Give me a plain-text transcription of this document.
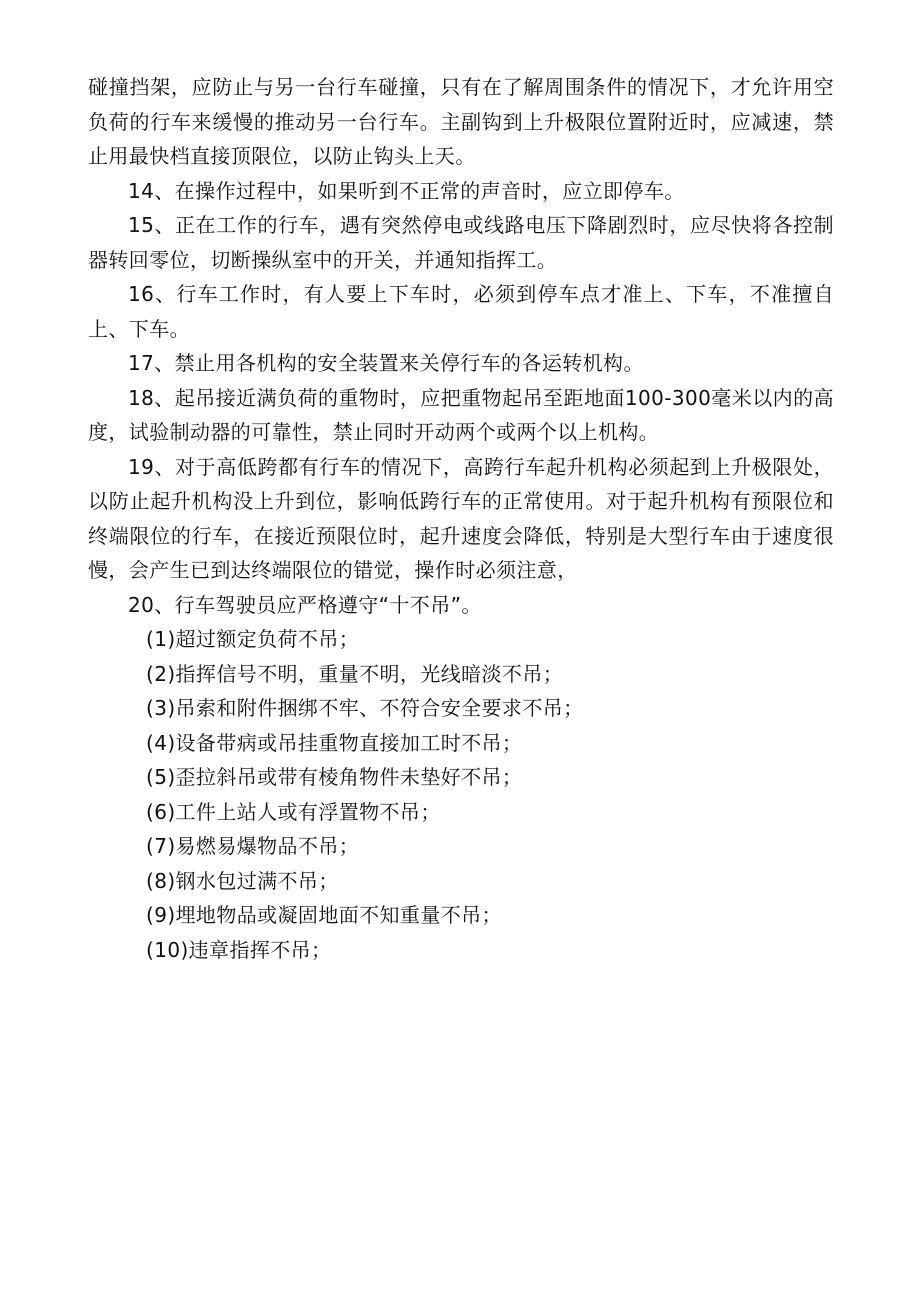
碰撞挡架，应防止与另一台行车碰撞，只有在了解周围条件的情况下，才允许用空负荷的行车来缓慢的推动另一台行车。主副钩到上升极限位置附近时，应减速，禁止用最快档直接顶限位，以防止钩头上天。

14、在操作过程中，如果听到不正常的声音时，应立即停车。

15、正在工作的行车，遇有突然停电或线路电压下降剧烈时，应尽快将各控制器转回零位，切断操纵室中的开关，并通知指挥工。

16、行车工作时，有人要上下车时，必须到停车点才准上、下车，不准擅自上、下车。

17、禁止用各机构的安全装置来关停行车的各运转机构。

18、起吊接近满负荷的重物时，应把重物起吊至距地面100-300毫米以内的高度，试验制动器的可靠性，禁止同时开动两个或两个以上机构。

19、对于高低跨都有行车的情况下，高跨行车起升机构必须起到上升极限处，以防止起升机构没上升到位，影响低跨行车的正常使用。对于起升机构有预限位和终端限位的行车，在接近预限位时，起升速度会降低，特别是大型行车由于速度很慢，会产生已到达终端限位的错觉，操作时必须注意，

20、行车驾驶员应严格遵守“十不吊”。

(1)超过额定负荷不吊；
(2)指挥信号不明，重量不明，光线暗淡不吊；
(3)吊索和附件捆绑不牢、不符合安全要求不吊；
(4)设备带病或吊挂重物直接加工时不吊；
(5)歪拉斜吊或带有棱角物件未垫好不吊；
(6)工件上站人或有浮置物不吊；
(7)易燃易爆物品不吊；
(8)钢水包过满不吊；
(9)埋地物品或凝固地面不知重量不吊；
(10)违章指挥不吊；
